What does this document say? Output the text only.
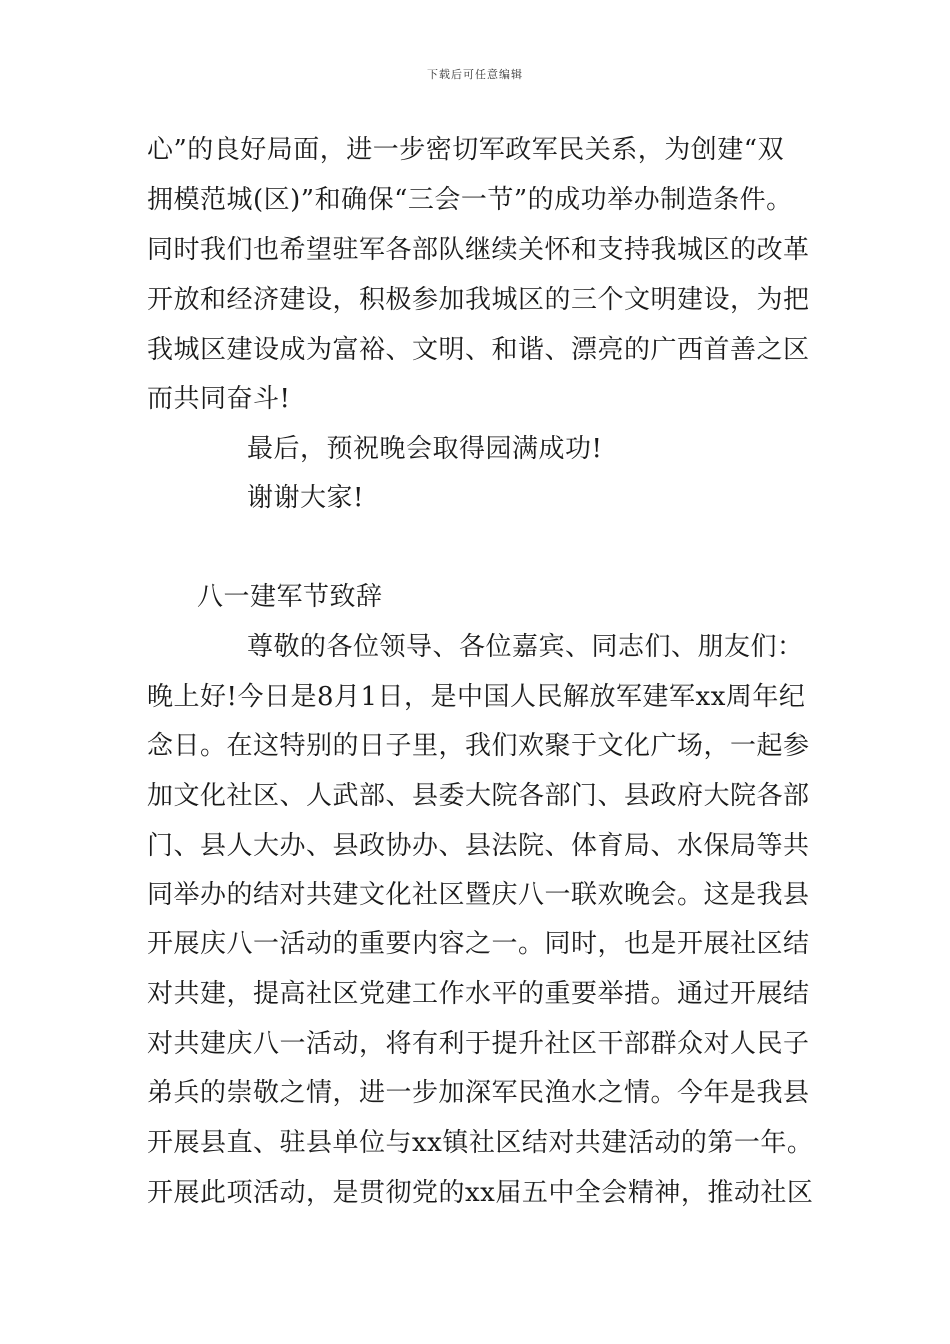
下载后可任意编辑
心”的良好局面，进一步密切军政军民关系，为创建“双
拥模范城(区)”和确保“三会一节”的成功举办制造条件。
同时我们也希望驻军各部队继续关怀和支持我城区的改革
开放和经济建设，积极参加我城区的三个文明建设，为把
我城区建设成为富裕、文明、和谐、漂亮的广西首善之区
而共同奋斗!
最后，预祝晚会取得园满成功!
谢谢大家!
八一建军节致辞
尊敬的各位领导、各位嘉宾、同志们、朋友们：
晚上好!今日是8月1日，是中国人民解放军建军xx周年纪
念日。在这特别的日子里，我们欢聚于文化广场，一起参
加文化社区、人武部、县委大院各部门、县政府大院各部
门、县人大办、县政协办、县法院、体育局、水保局等共
同举办的结对共建文化社区暨庆八一联欢晚会。这是我县
开展庆八一活动的重要内容之一。同时，也是开展社区结
对共建，提高社区党建工作水平的重要举措。通过开展结
对共建庆八一活动，将有利于提升社区干部群众对人民子
弟兵的崇敬之情，进一步加深军民渔水之情。今年是我县
开展县直、驻县单位与xx镇社区结对共建活动的第一年。
开展此项活动，是贯彻党的xx届五中全会精神，推动社区
